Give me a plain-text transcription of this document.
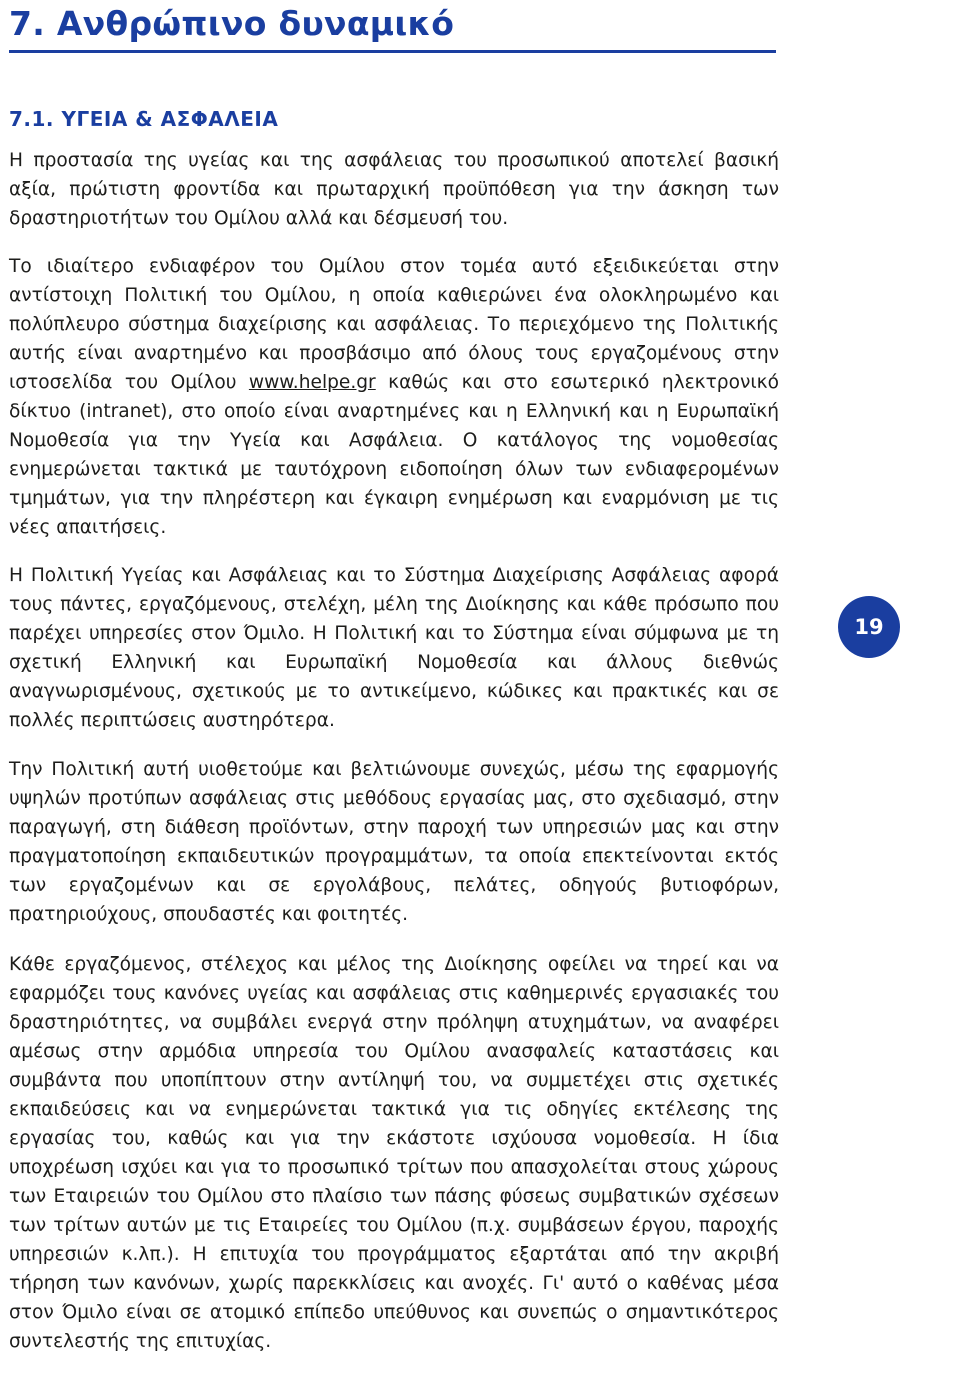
7. Ανθρώπινο δυναμικό
7.1. ΥΓΕΙΑ & ΑΣΦΑΛΕΙΑ

Η προστασία της υγείας και της ασφάλειας του προσωπικού αποτελεί βασική αξία, πρώτιστη φροντίδα και πρωταρχική προϋπόθεση για την άσκηση των δραστηριοτήτων του Ομίλου αλλά και δέσμευσή του.

Το ιδιαίτερο ενδιαφέρον του Ομίλου στον τομέα αυτό εξειδικεύεται στην αντίστοιχη Πολιτική του Ομίλου, η οποία καθιερώνει ένα ολοκληρωμένο και πολύπλευρο σύστημα διαχείρισης και ασφάλειας. Το περιεχόμενο της Πολιτικής αυτής είναι αναρτημένο και προσβάσιμο από όλους τους εργαζομένους στην ιστοσελίδα του Ομίλου www.helpe.gr καθώς και στο εσωτερικό ηλεκτρονικό δίκτυο (intranet), στο οποίο είναι αναρτημένες και η Ελληνική και η Ευρωπαϊκή Νομοθεσία για την Υγεία και Ασφάλεια. Ο κατάλογος της νομοθεσίας ενημερώνεται τακτικά με ταυτόχρονη ειδοποίηση όλων των ενδιαφερομένων τμημάτων, για την πληρέστερη και έγκαιρη ενημέρωση και εναρμόνιση με τις νέες απαιτήσεις.

Η Πολιτική Υγείας και Ασφάλειας και το Σύστημα Διαχείρισης Ασφάλειας αφορά τους πάντες, εργαζόμενους, στελέχη, μέλη της Διοίκησης και κάθε πρόσωπο που παρέχει υπηρεσίες στον Όμιλο. Η Πολιτική και το Σύστημα είναι σύμφωνα με τη σχετική Ελληνική και Ευρωπαϊκή Νομοθεσία και άλλους διεθνώς αναγνωρισμένους, σχετικούς με το αντικείμενο, κώδικες και πρακτικές και σε πολλές περιπτώσεις αυστηρότερα.

Την Πολιτική αυτή υιοθετούμε και βελτιώνουμε συνεχώς, μέσω της εφαρμογής υψηλών προτύπων ασφάλειας στις μεθόδους εργασίας μας, στο σχεδιασμό, στην παραγωγή, στη διάθεση προϊόντων, στην παροχή των υπηρεσιών μας και στην πραγματοποίηση εκπαιδευτικών προγραμμάτων, τα οποία επεκτείνονται εκτός των εργαζομένων και σε εργολάβους, πελάτες, οδηγούς βυτιοφόρων, πρατηριούχους, σπουδαστές και φοιτητές.

Κάθε εργαζόμενος, στέλεχος και μέλος της Διοίκησης οφείλει να τηρεί και να εφαρμόζει τους κανόνες υγείας και ασφάλειας στις καθημερινές εργασιακές του δραστηριότητες, να συμβάλει ενεργά στην πρόληψη ατυχημάτων, να αναφέρει αμέσως στην αρμόδια υπηρεσία του Ομίλου ανασφαλείς καταστάσεις και συμβάντα που υποπίπτουν στην αντίληψή του, να συμμετέχει στις σχετικές εκπαιδεύσεις και να ενημερώνεται τακτικά για τις οδηγίες εκτέλεσης της εργασίας του, καθώς και για την εκάστοτε ισχύουσα νομοθεσία. Η ίδια υποχρέωση ισχύει και για το προσωπικό τρίτων που απασχολείται στους χώρους των Εταιρειών του Ομίλου στο πλαίσιο των πάσης φύσεως συμβατικών σχέσεων των τρίτων αυτών με τις Εταιρείες του Ομίλου (π.χ. συμβάσεων έργου, παροχής υπηρεσιών κ.λπ.). Η επιτυχία του προγράμματος εξαρτάται από την ακριβή τήρηση των κανόνων, χωρίς παρεκκλίσεις και ανοχές. Γι' αυτό ο καθένας μέσα στον Όμιλο είναι σε ατομικό επίπεδο υπεύθυνος και συνεπώς ο σημαντικότερος συντελεστής της επιτυχίας.

19
